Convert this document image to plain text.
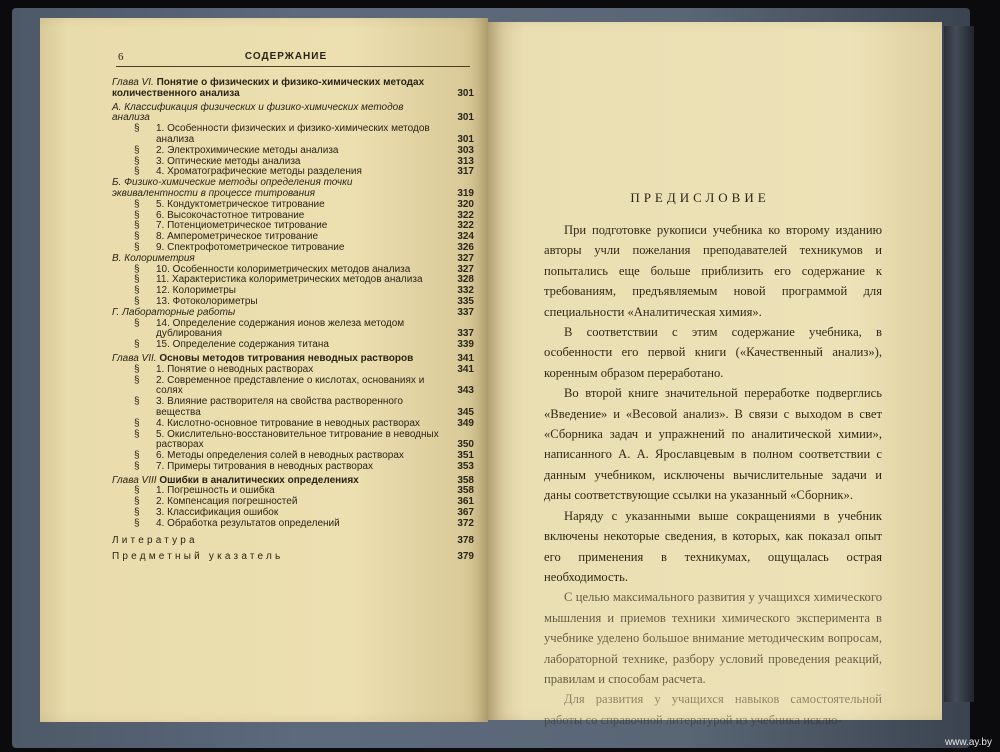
6	СОДЕРЖАНИЕ
Глава VI. Понятие о физических и физико-химических методах количественного анализа	301
А. Классификация физических и физико-химических методов анализа	301
§	1. Особенности физических и физико-химических методов анализа	301
§	2. Электрохимические методы анализа	303
§	3. Оптические методы анализа	313
§	4. Хроматографические методы разделения	317
Б. Физико-химические методы определения точки эквивалентности в процессе титрования	319
§	5. Кондуктометрическое титрование	320
§	6. Высокочастотное титрование	322
§	7. Потенциометрическое титрование	322
§	8. Амперометрическое титрование	324
§	9. Спектрофотометрическое титрование	326
В. Колориметрия	327
§	10. Особенности колориметрических методов анализа	327
§	11. Характеристика колориметрических методов анализа	328
§	12. Колориметры	332
§	13. Фотоколориметры	335
Г. Лабораторные работы	337
§	14. Определение содержания ионов железа методом дублирования	337
§	15. Определение содержания титана	339
Глава VII. Основы методов титрования неводных растворов	341
§	1. Понятие о неводных растворах	341
§	2. Современное представление о кислотах, основаниях и солях	343
§	3. Влияние растворителя на свойства растворенного вещества	345
§	4. Кислотно-основное титрование в неводных растворах	349
§	5. Окислительно-восстановительное титрование в неводных растворах	350
§	6. Методы определения солей в неводных растворах	351
§	7. Примеры титрования в неводных растворах	353
Глава VIII Ошибки в аналитических определениях	358
§	1. Погрешность и ошибка	358
§	2. Компенсация погрешностей	361
§	3. Классификация ошибок	367
§	4. Обработка результатов определений	372
Литература	378
Предметный указатель	379
ПРЕДИСЛОВИЕ

При подготовке рукописи учебника ко второму изданию авторы учли пожелания преподавателей техникумов и попытались еще больше приблизить его содержание к требованиям, предъявляемым новой программой для специальности «Аналитическая химия».

В соответствии с этим содержание учебника, в особенности его первой книги («Качественный анализ»), коренным образом переработано.

Во второй книге значительной переработке подверглись «Введение» и «Весовой анализ». В связи с выходом в свет «Сборника задач и упражнений по аналитической химии», написанного А. А. Ярославцевым в полном соответствии с данным учебником, исключены вычислительные задачи и даны соответствующие ссылки на указанный «Сборник».

Наряду с указанными выше сокращениями в учебник включены некоторые сведения, в которых, как показал опыт его применения в техникумах, ощущалась острая необходимость.

С целью максимального развития у учащихся химического мышления и приемов техники химического эксперимента в учебнике уделено большое внимание методическим вопросам, лабораторной технике, разбору условий проведения реакций, правилам и способам расчета.

Для развития у учащихся навыков самостоятельной работы со справочной литературой из учебника исклю-

www.ay.by
